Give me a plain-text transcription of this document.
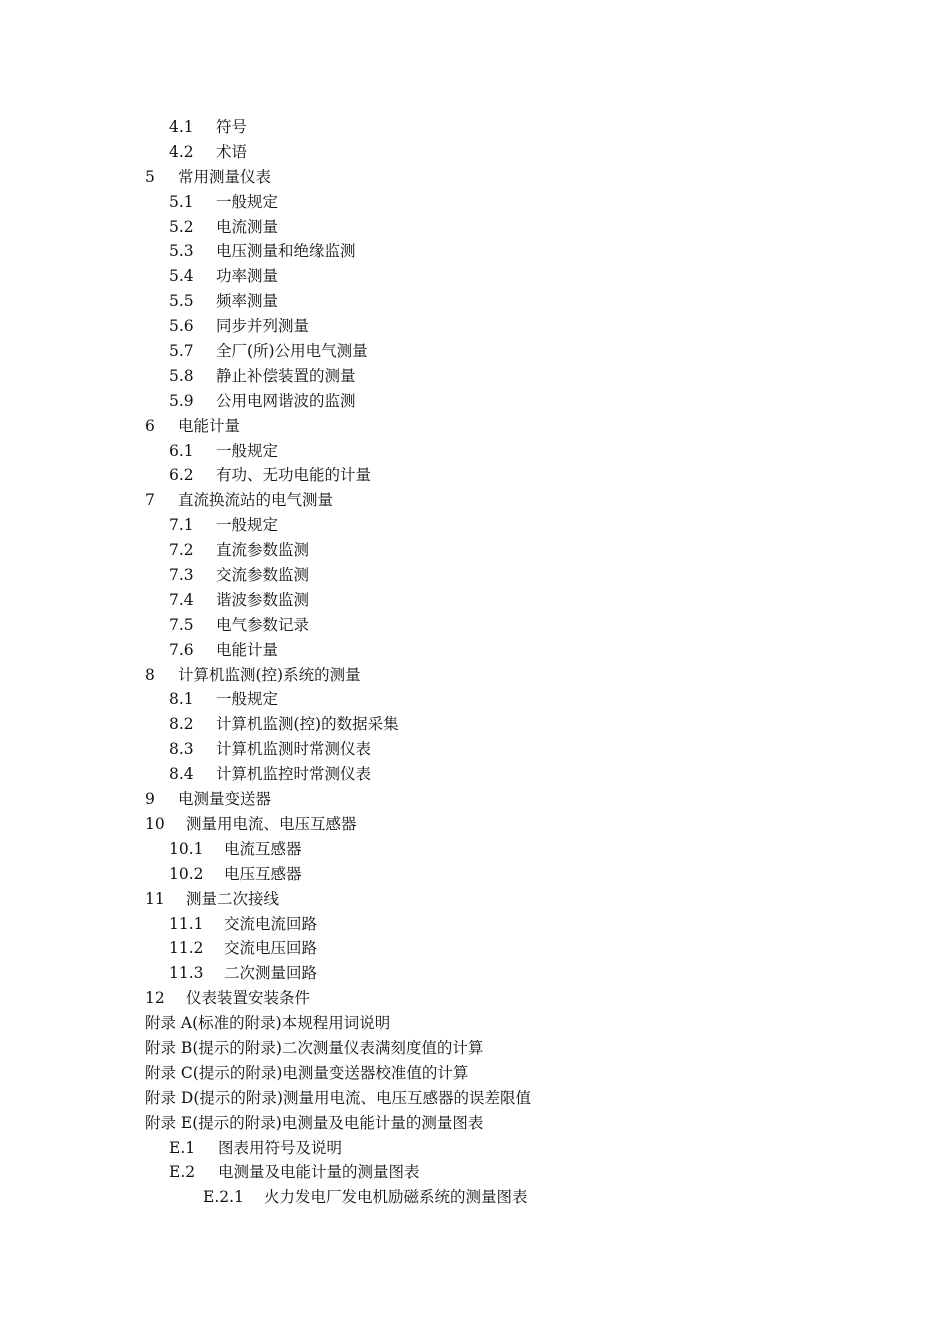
4.1 符号
4.2 术语
5 常用测量仪表
5.1 一般规定
5.2 电流测量
5.3 电压测量和绝缘监测
5.4 功率测量
5.5 频率测量
5.6 同步并列测量
5.7 全厂(所)公用电气测量
5.8 静止补偿装置的测量
5.9 公用电网谐波的监测
6 电能计量
6.1 一般规定
6.2 有功、无功电能的计量
7 直流换流站的电气测量
7.1 一般规定
7.2 直流参数监测
7.3 交流参数监测
7.4 谐波参数监测
7.5 电气参数记录
7.6 电能计量
8 计算机监测(控)系统的测量
8.1 一般规定
8.2 计算机监测(控)的数据采集
8.3 计算机监测时常测仪表
8.4 计算机监控时常测仪表
9 电测量变送器
10 测量用电流、电压互感器
10.1 电流互感器
10.2 电压互感器
11 测量二次接线
11.1 交流电流回路
11.2 交流电压回路
11.3 二次测量回路
12 仪表装置安装条件
附录 A(标准的附录)本规程用词说明
附录 B(提示的附录)二次测量仪表满刻度值的计算
附录 C(提示的附录)电测量变送器校准值的计算
附录 D(提示的附录)测量用电流、电压互感器的误差限值
附录 E(提示的附录)电测量及电能计量的测量图表
E.1 图表用符号及说明
E.2 电测量及电能计量的测量图表
E.2.1 火力发电厂发电机励磁系统的测量图表
